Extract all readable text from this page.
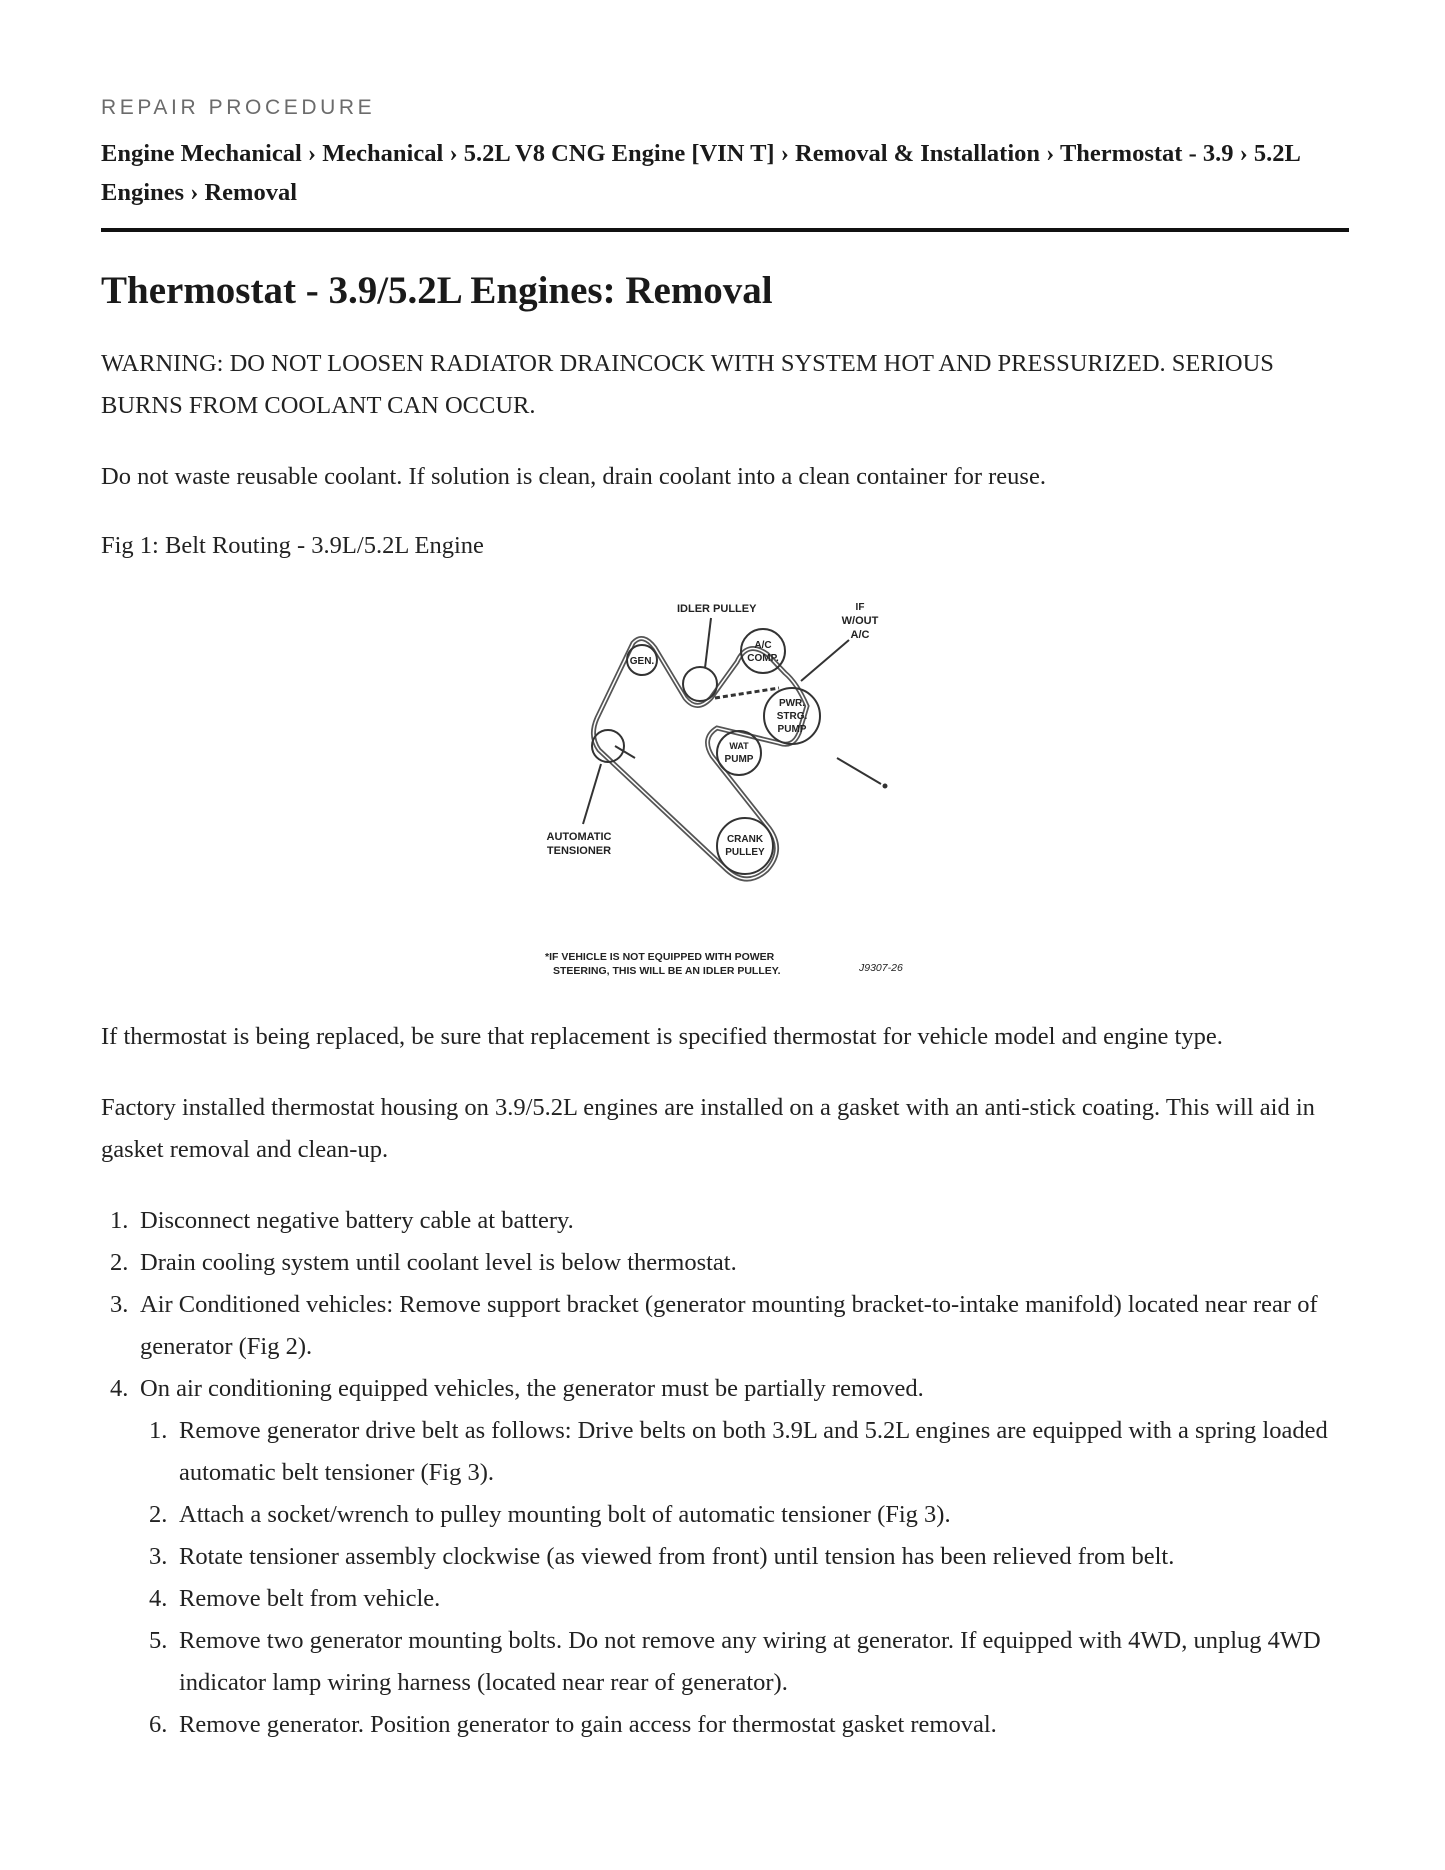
REPAIR PROCEDURE
Engine Mechanical › Mechanical › 5.2L V8 CNG Engine [VIN T] › Removal & Installation › Thermostat - 3.9 › 5.2L Engines › Removal
Thermostat - 3.9/5.2L Engines: Removal

WARNING: DO NOT LOOSEN RADIATOR DRAINCOCK WITH SYSTEM HOT AND PRESSURIZED. SERIOUS BURNS FROM COOLANT CAN OCCUR.

Do not waste reusable coolant. If solution is clean, drain coolant into a clean container for reuse.

Fig 1: Belt Routing - 3.9L/5.2L Engine

IDLER PULLEY	IF
W/OUT
A/C
GEN.
A/C
COMP.
PWR.
STRG.
PUMP
WAT
PUMP
AUTOMATIC
TENSIONER
CRANK
PULLEY
*IF VEHICLE IS NOT EQUIPPED WITH POWER
STEERING, THIS WILL BE AN IDLER PULLEY.	J9307-26

If thermostat is being replaced, be sure that replacement is specified thermostat for vehicle model and engine type.

Factory installed thermostat housing on 3.9/5.2L engines are installed on a gasket with an anti-stick coating. This will aid in gasket removal and clean-up.

1. Disconnect negative battery cable at battery.
2. Drain cooling system until coolant level is below thermostat.
3. Air Conditioned vehicles: Remove support bracket (generator mounting bracket-to-intake manifold) located near rear of generator (Fig 2).
4. On air conditioning equipped vehicles, the generator must be partially removed.
1. Remove generator drive belt as follows: Drive belts on both 3.9L and 5.2L engines are equipped with a spring loaded automatic belt tensioner (Fig 3).
2. Attach a socket/wrench to pulley mounting bolt of automatic tensioner (Fig 3).
3. Rotate tensioner assembly clockwise (as viewed from front) until tension has been relieved from belt.
4. Remove belt from vehicle.
5. Remove two generator mounting bolts. Do not remove any wiring at generator. If equipped with 4WD, unplug 4WD indicator lamp wiring harness (located near rear of generator).
6. Remove generator. Position generator to gain access for thermostat gasket removal.
